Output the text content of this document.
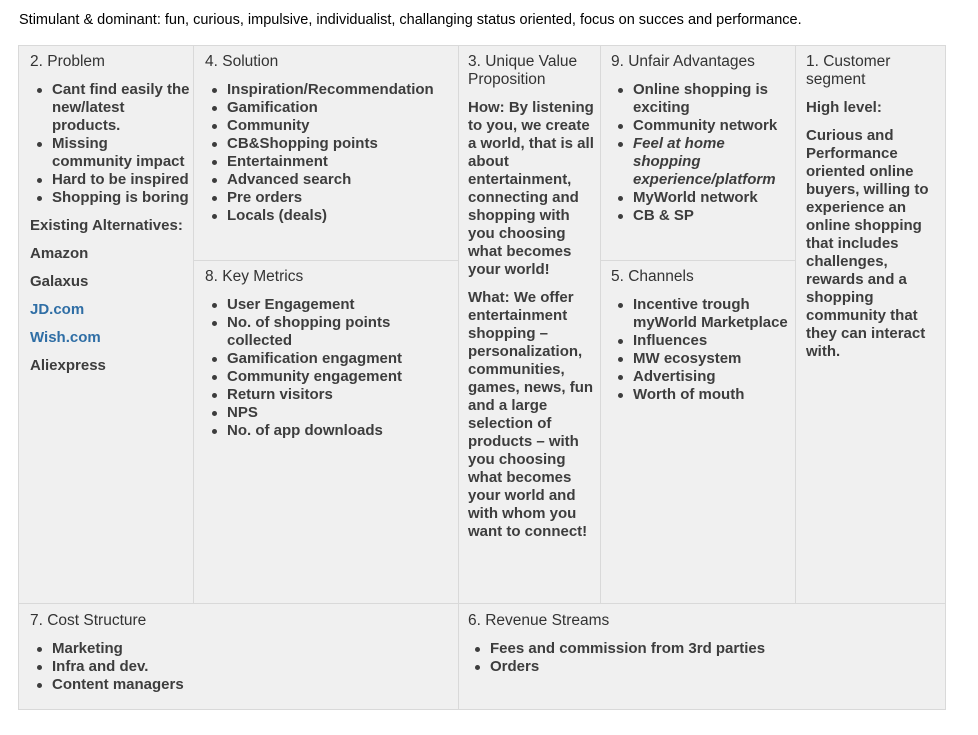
Stimulant & dominant: fun, curious, impulsive, individualist, challanging status oriented, focus on succes and performance.
2. Problem
Cant find easily the new/latest products.
Missing community impact
Hard to be inspired
Shopping is boring
Existing Alternatives:
Amazon
Galaxus
JD.com
Wish.com
Aliexpress
4. Solution
Inspiration/Recommendation
Gamification
Community
CB&Shopping points
Entertainment
Advanced search
Pre orders
Locals (deals)
8. Key Metrics
User Engagement
No. of shopping points collected
Gamification engagment
Community engagement
Return visitors
NPS
No. of app downloads
3. Unique Value Proposition
How: By listening to you, we create a world, that is all about entertainment, connecting and shopping with you choosing what becomes your world!
What: We offer entertainment shopping – personalization, communities, games, news, fun and a large selection of products – with you choosing what becomes your world and with whom you want to connect!
9. Unfair Advantages
Online shopping is exciting
Community network
Feel at home shopping experience/platform
MyWorld network
CB & SP
5. Channels
Incentive trough myWorld Marketplace
Influences
MW ecosystem
Advertising
Worth of mouth
1. Customer segment
High level:
Curious and Performance oriented online buyers, willing to experience an online shopping that includes challenges, rewards and a shopping community that they can interact with.
7. Cost Structure
Marketing
Infra and dev.
Content managers
6. Revenue Streams
Fees and commission from 3rd parties
Orders
